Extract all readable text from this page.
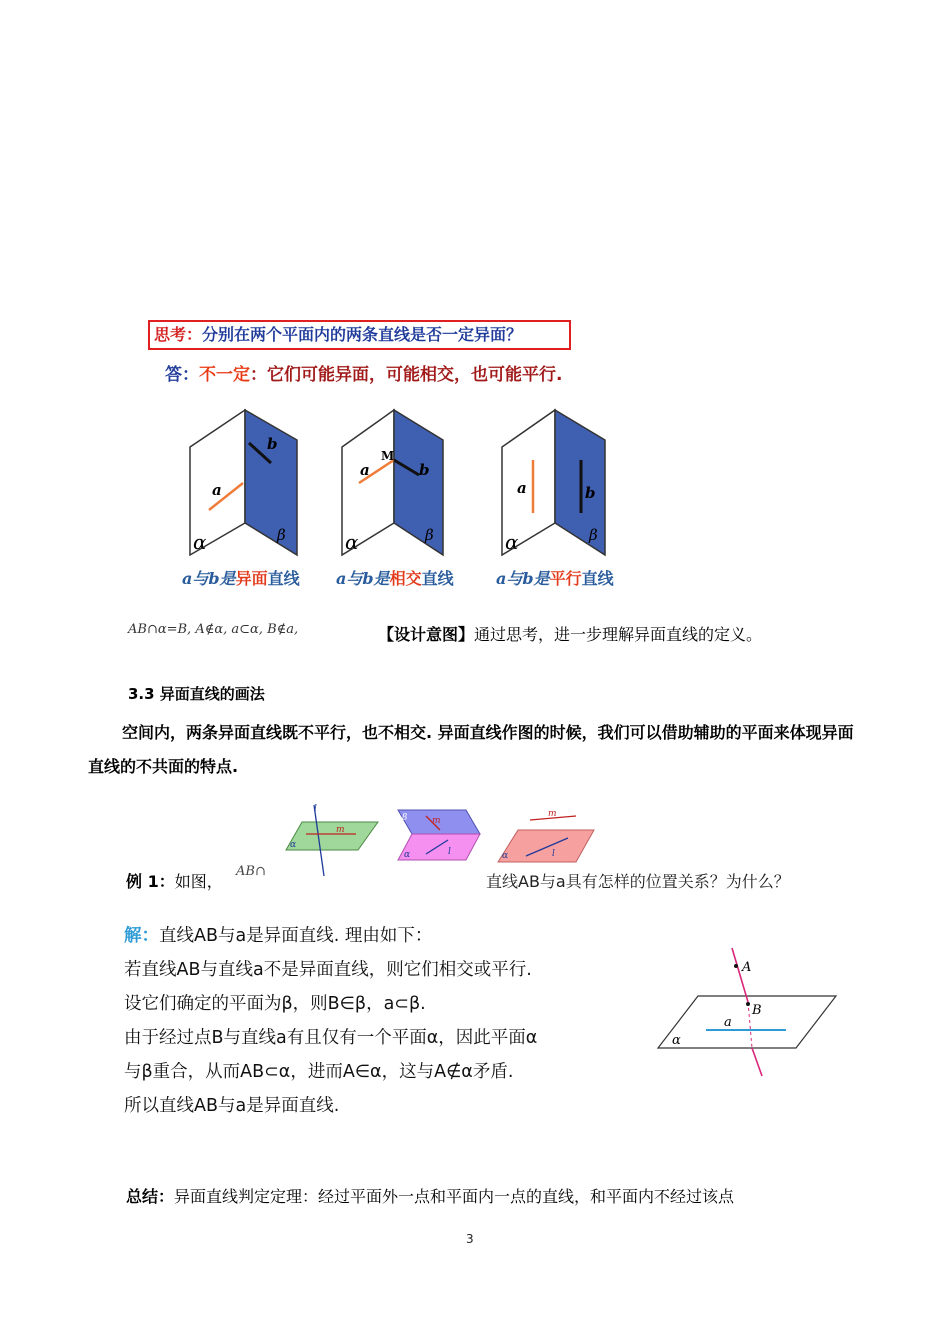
思考：分别在两个平面内的两条直线是否一定异面？
答：不一定：它们可能异面，可能相交，也可能平行.
a
b
α	β
M
a	b
α	β
a	b
α	β
a与b是异面直线 a与b是相交直线	a与b是平行直线
AB∩α=B, A∉α, a⊂α, B∉a,	【设计意图】通过思考，进一步理解异面直线的定义。
3.3 异面直线的画法
空间内，两条异面直线既不平行，也不相交. 异面直线作图的时候，我们可以借助辅助的平面来体现异面直线的不共面的特点.
l
m
α
β	m
α	l
m
α	l
例 1：如图，
AB∩
直线AB与a具有怎样的位置关系？为什么？
解：直线AB与a是异面直线. 理由如下：
若直线AB与直线a不是异面直线，则它们相交或平行.
设它们确定的平面为β，则B∈β，a⊂β.
由于经过点B与直线a有且仅有一个平面α，因此平面α
与β重合，从而AB⊂α，进而A∈α，这与A∉α矛盾.
所以直线AB与a是异面直线.
A
B
a
α
总结：异面直线判定定理：经过平面外一点和平面内一点的直线，和平面内不经过该点
3
